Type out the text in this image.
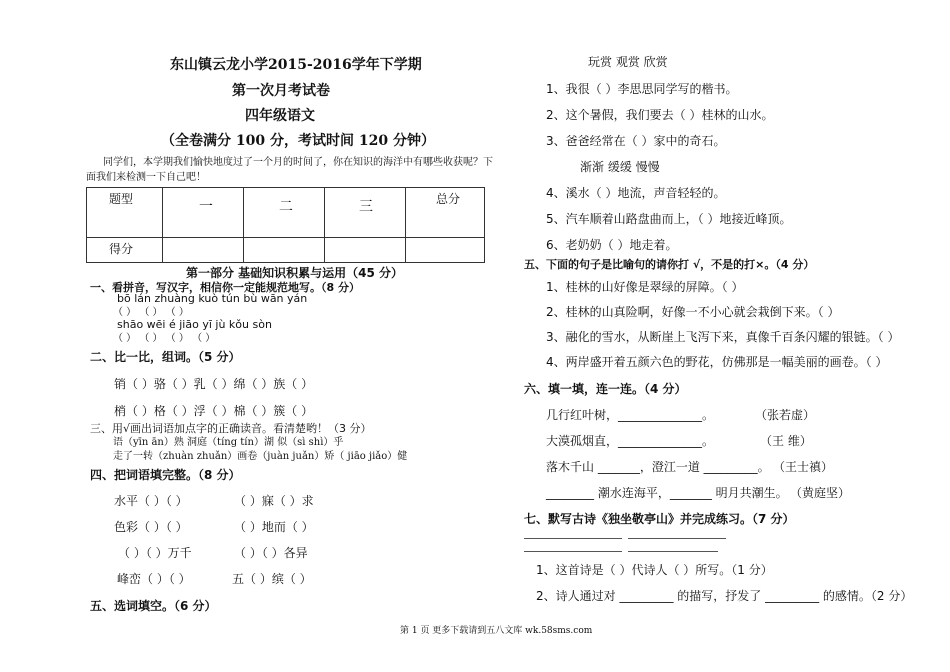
东山镇云龙小学2015-2016学年下学期
第一次月考试卷
四年级语文
（全卷满分 100 分，考试时间 120 分钟）
同学们，本学期我们愉快地度过了一个月的时间了，你在知识的海洋中有哪些收获呢？下
面我们来检测一下自己吧！
题型	一	二	三	总分
得分				
第一部分 基础知识积累与运用（45 分）
一、看拼音，写汉字，相信你一定能规范地写。（8 分）
bō lán zhuàng kuò tún bù wān yán
（ ） （ ） （ ）
shāo wēi é jiāo yī jù kǒu sòn
（ ） （ ） （ ） （ ）
二、比一比，组词。（5 分）
销（ ）骆（ ）乳（ ）绵（ ）族（ ）
梢（ ）格（ ）浮（ ）棉（ ）簇（ ）
三、用√画出词语加点字的正确读音。看清楚哟！（3 分）
语（yīn ān）熟 洞庭（tíng tín）湖 似（sì shì）乎
走了一转（zhuàn zhuǎn）画卷（juàn juǎn）矫（ jiāo jiǎo）健
四、把词语填完整。（8 分）
水平（ ）（ ）	（ ）寐（ ）求
色彩（ ）（ ）	（ ）地而（ ）
（ ）（ ）万千	（ ）（ ）各异
峰峦（ ）（ ）	五（ ）缤（ ）
五、选词填空。（6 分）
玩赏 观赏 欣赏
1、我很（ ）李思思同学写的楷书。
2、这个暑假，我们要去（ ）桂林的山水。
3、爸爸经常在（ ）家中的奇石。
渐渐 缓缓 慢慢
4、溪水（ ）地流，声音轻轻的。
5、汽车顺着山路盘曲而上，（ ）地接近峰顶。
6、老奶奶（ ）地走着。
五、下面的句子是比喻句的请你打 √，不是的打×。（4 分）
1、桂林的山好像是翠绿的屏障。（ ）
2、桂林的山真险啊，好像一不小心就会栽倒下来。（ ）
3、融化的雪水，从断崖上飞泻下来，真像千百条闪耀的银链。（ ）
4、两岸盛开着五颜六色的野花，仿佛那是一幅美丽的画卷。（ ）
六、填一填，连一连。（4 分）
几行红叶树，______________。	（张若虚）
大漠孤烟直，______________。	（王 维）
落木千山 _______，澄江一道 _________。 （王士禛）
________ 潮水连海平，_______ 明月共潮生。 （黄庭坚）
七、默写古诗《独坐敬亭山》并完成练习。（7 分）
1、这首诗是（ ）代诗人（ ）所写。（1 分）
2、诗人通过对 _________ 的描写，抒发了 _________ 的感情。（2 分）
第 1 页 更多下载请到五八文库 wk.58sms.com
